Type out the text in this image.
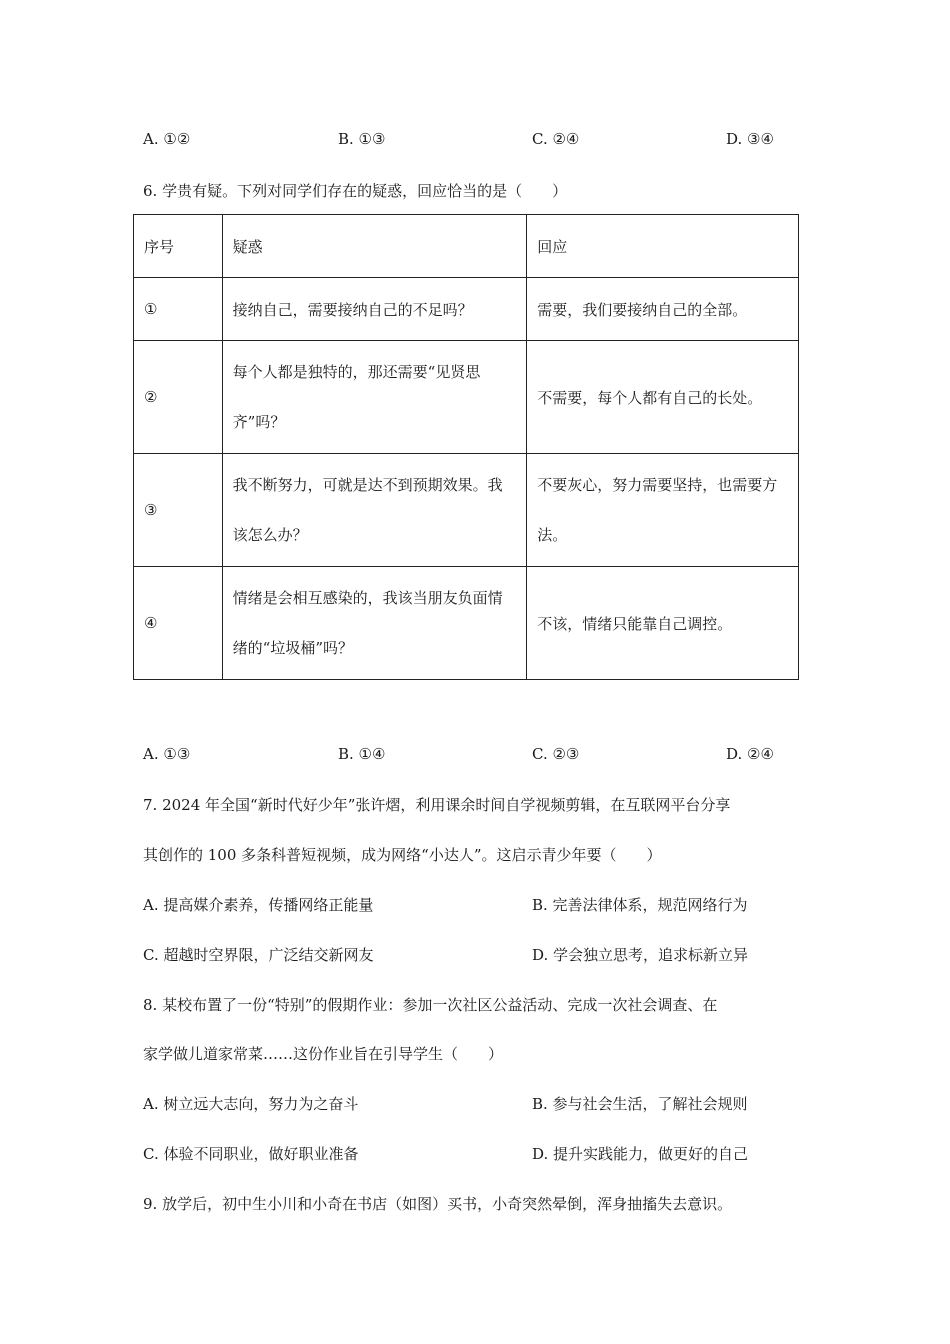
A. ①②	B. ①③	C. ②④	D. ③④
6. 学贵有疑。下列对同学们存在的疑惑，回应恰当的是（　　）
序号	疑惑	回应
①	接纳自己，需要接纳自己的不足吗？	需要，我们要接纳自己的全部。
②	每个人都是独特的，那还需要“见贤思齐”吗？	不需要，每个人都有自己的长处。
③	我不断努力，可就是达不到预期效果。我该怎么办？	不要灰心，努力需要坚持，也需要方法。
④	情绪是会相互感染的，我该当朋友负面情绪的“垃圾桶”吗？	不该，情绪只能靠自己调控。
A. ①③	B. ①④	C. ②③	D. ②④
7. 2024 年全国“新时代好少年”张许熠，利用课余时间自学视频剪辑，在互联网平台分享
其创作的 100 多条科普短视频，成为网络“小达人”。这启示青少年要（　　）
A. 提高媒介素养，传播网络正能量	B. 完善法律体系，规范网络行为
C. 超越时空界限，广泛结交新网友	D. 学会独立思考，追求标新立异
8. 某校布置了一份“特别”的假期作业：参加一次社区公益活动、完成一次社会调查、在
家学做儿道家常菜……这份作业旨在引导学生（　　）
A. 树立远大志向，努力为之奋斗	B. 参与社会生活，了解社会规则
C. 体验不同职业，做好职业准备	D. 提升实践能力，做更好的自己
9. 放学后，初中生小川和小奇在书店（如图）买书，小奇突然晕倒，浑身抽搐失去意识。
